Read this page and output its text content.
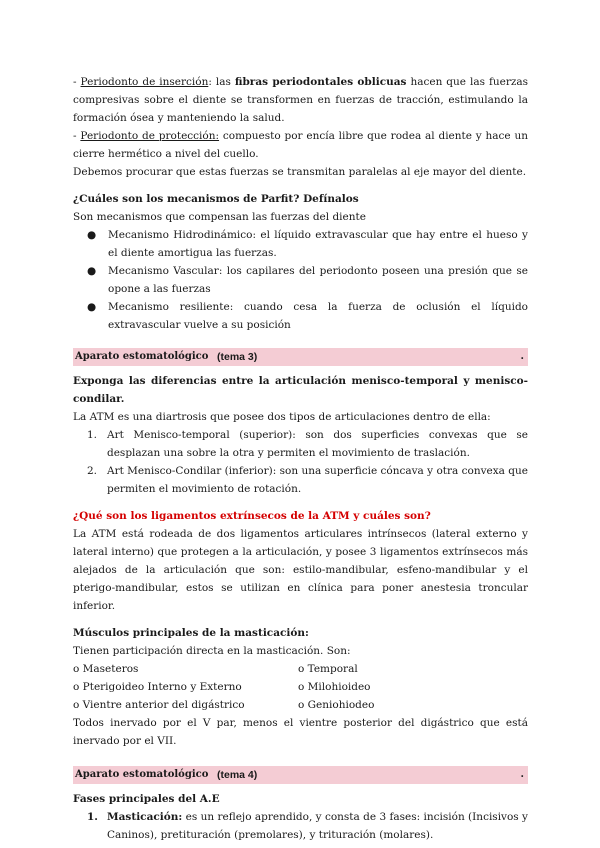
- Periodonto de inserción: las fibras periodontales oblicuas hacen que las fuerzas compresivas sobre el diente se transformen en fuerzas de tracción, estimulando la formación ósea y manteniendo la salud.

- Periodonto de protección: compuesto por encía libre que rodea al diente y hace un cierre hermético a nivel del cuello.

Debemos procurar que estas fuerzas se transmitan paralelas al eje mayor del diente.

¿Cuáles son los mecanismos de Parfit? Defínalos

Son mecanismos que compensan las fuerzas del diente

● Mecanismo Hidrodinámico: el líquido extravascular que hay entre el hueso y el diente amortigua las fuerzas.
● Mecanismo Vascular: los capilares del periodonto poseen una presión que se opone a las fuerzas
● Mecanismo resiliente: cuando cesa la fuerza de oclusión el líquido extravascular vuelve a su posición
Aparato estomatológico (tema 3)	.

Exponga las diferencias entre la articulación menisco-temporal y menisco-condilar.

La ATM es una diartrosis que posee dos tipos de articulaciones dentro de ella:

1. Art Menisco-temporal (superior): son dos superficies convexas que se desplazan una sobre la otra y permiten el movimiento de traslación.
2. Art Menisco-Condilar (inferior): son una superficie cóncava y otra convexa que permiten el movimiento de rotación.

¿Qué son los ligamentos extrínsecos de la ATM y cuáles son?

La ATM está rodeada de dos ligamentos articulares intrínsecos (lateral externo y lateral interno) que protegen a la articulación, y posee 3 ligamentos extrínsecos más alejados de la articulación que son: estilo-mandibular, esfeno-mandibular y el pterigo-mandibular, estos se utilizan en clínica para poner anestesia troncular inferior.

Músculos principales de la masticación:

Tienen participación directa en la masticación. Son:

o Maseteros
o Pterigoideo Interno y Externo
o Vientre anterior del digástrico
o Temporal
o Milohioideo
o Geniohiodeo

Todos inervado por el V par, menos el vientre posterior del digástrico que está inervado por el VII.

Aparato estomatológico (tema 4)	.

Fases principales del A.E

1. Masticación: es un reflejo aprendido, y consta de 3 fases: incisión (Incisivos y Caninos), pretituración (premolares), y trituración (molares).
